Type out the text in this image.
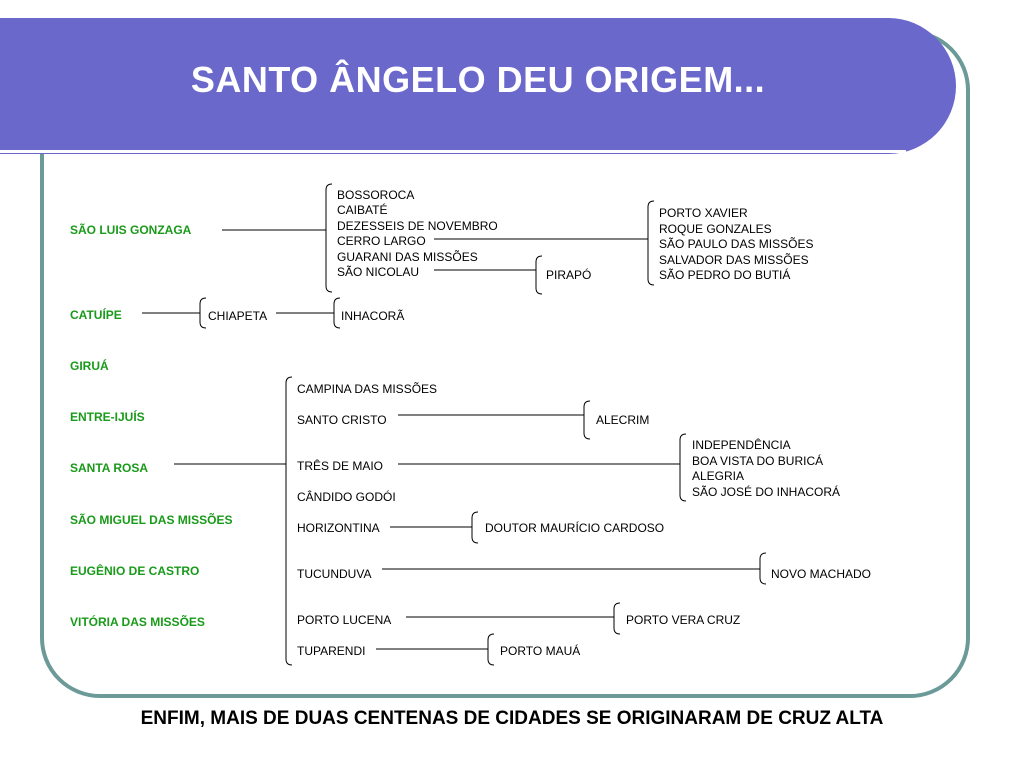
SANTO ÂNGELO DEU ORIGEM...
SÃO LUIS GONZAGA
CATUÍPE
GIRUÁ
ENTRE-IJUÍS
SANTA ROSA
SÃO MIGUEL DAS MISSÕES
EUGÊNIO DE CASTRO
VITÓRIA DAS MISSÕES
BOSSOROCA
CAIBATÉ
DEZESSEIS DE NOVEMBRO
CERRO LARGO
GUARANI DAS MISSÕES
SÃO NICOLAU
PORTO XAVIER
ROQUE GONZALES
SÃO PAULO DAS MISSÕES
SALVADOR DAS MISSÕES
SÃO PEDRO DO BUTIÁ
PIRAPÓ
CHIAPETA	INHACORÃ
CAMPINA DAS MISSÕES
SANTO CRISTO
TRÊS DE MAIO
CÂNDIDO GODÓI
HORIZONTINA
TUCUNDUVA
PORTO LUCENA
TUPARENDI
ALECRIM
INDEPENDÊNCIA
BOA VISTA DO BURICÁ
ALEGRIA
SÃO JOSÉ DO INHACORÁ
DOUTOR MAURÍCIO CARDOSO
NOVO MACHADO
PORTO VERA CRUZ
PORTO MAUÁ
ENFIM, MAIS DE DUAS CENTENAS DE CIDADES SE ORIGINARAM DE CRUZ ALTA
